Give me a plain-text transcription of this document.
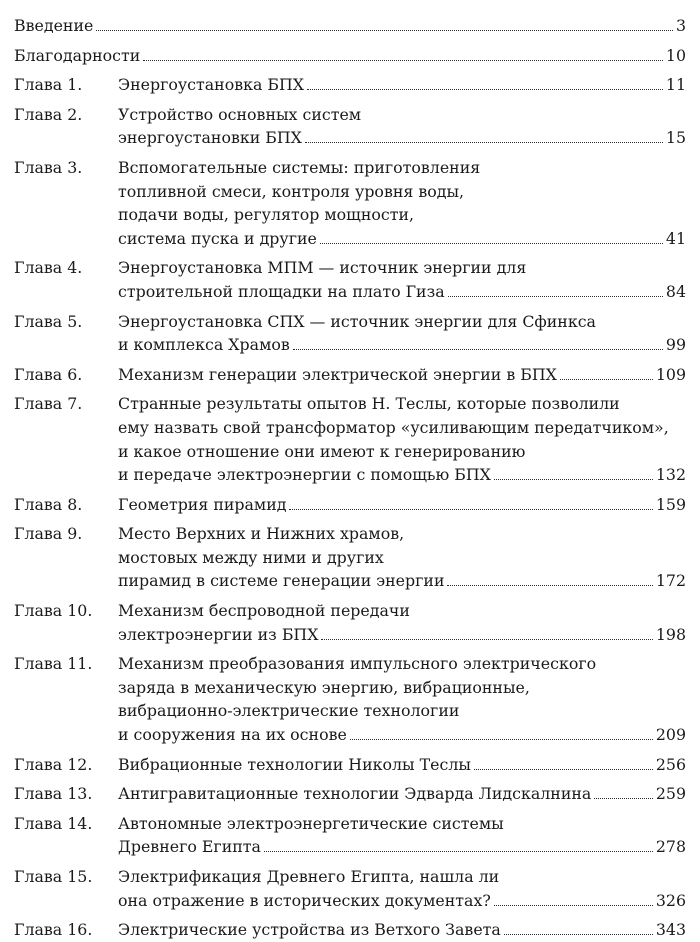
Введение	3
Благодарности	10
Глава 1. Энергоустановка БПХ	11
Глава 2. Устройство основных систем
энергоустановки БПХ	15
Глава 3. Вспомогательные системы: приготовления
топливной смеси, контроля уровня воды,
подачи воды, регулятор мощности,
система пуска и другие	41
Глава 4. Энергоустановка МПМ — источник энергии для
строительной площадки на плато Гиза	84
Глава 5. Энергоустановка СПХ — источник энергии для Сфинкса
и комплекса Храмов	99
Глава 6. Механизм генерации электрической энергии в БПХ	109
Глава 7. Странные результаты опытов Н. Теслы, которые позволили
ему назвать свой трансформатор «усиливающим передатчиком»,
и какое отношение они имеют к генерированию
и передаче электроэнергии с помощью БПХ	132
Глава 8. Геометрия пирамид	159
Глава 9. Место Верхних и Нижних храмов,
мостовых между ними и других
пирамид в системе генерации энергии	172
Глава 10. Механизм беспроводной передачи
электроэнергии из БПХ	198
Глава 11. Механизм преобразования импульсного электрического
заряда в механическую энергию, вибрационные,
вибрационно-электрические технологии
и сооружения на их основе	209
Глава 12. Вибрационные технологии Николы Теслы	256
Глава 13. Антигравитационные технологии Эдварда Лидскалнина	259
Глава 14. Автономные электроэнергетические системы
Древнего Египта	278
Глава 15. Электрификация Древнего Египта, нашла ли
она отражение в исторических документах?	326
Глава 16. Электрические устройства из Ветхого Завета	343
